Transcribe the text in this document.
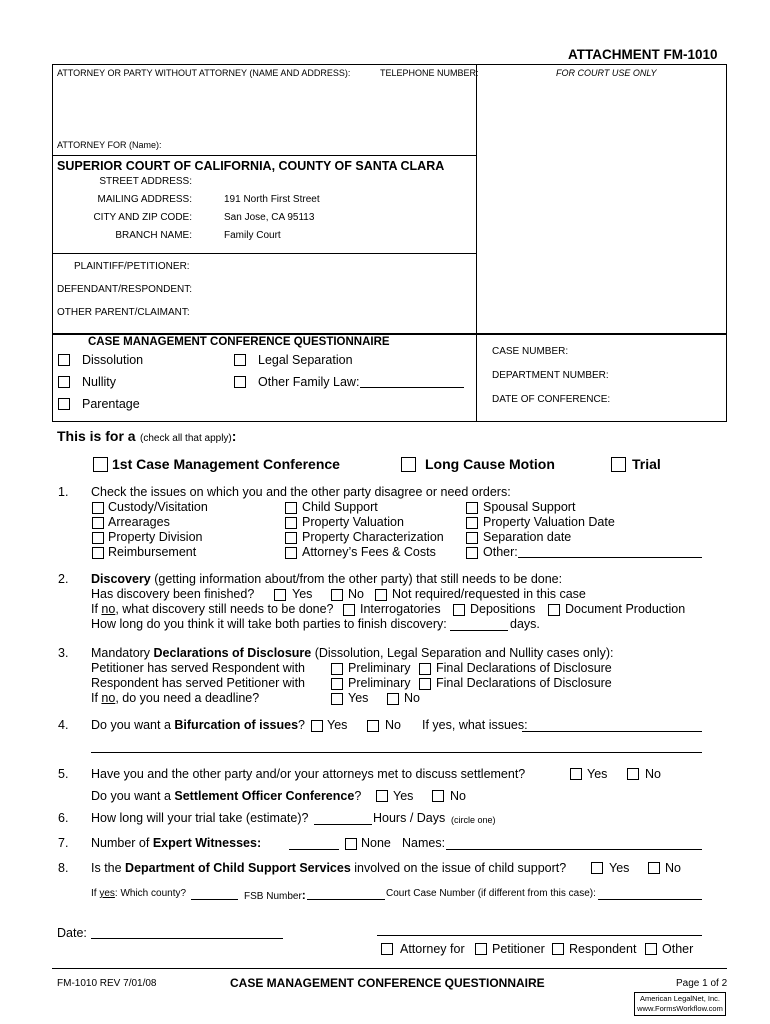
ATTACHMENT FM-1010
ATTORNEY OR PARTY WITHOUT ATTORNEY (NAME AND ADDRESS):	TELEPHONE NUMBER:	FOR COURT USE ONLY
ATTORNEY FOR (Name):
SUPERIOR COURT OF CALIFORNIA, COUNTY OF SANTA CLARA
STREET ADDRESS:
MAILING ADDRESS:	191 North First Street
CITY AND ZIP CODE:	San Jose, CA 95113
BRANCH NAME:	Family Court
PLAINTIFF/PETITIONER:
DEFENDANT/RESPONDENT:
OTHER PARENT/CLAIMANT:
CASE MANAGEMENT CONFERENCE QUESTIONNAIRE
Dissolution	Legal Separation
Nullity	Other Family Law:
Parentage
CASE NUMBER:
DEPARTMENT NUMBER:
DATE OF CONFERENCE:
This is for a (check all that apply):
1st Case Management Conference	Long Cause Motion	Trial
1. Check the issues on which you and the other party disagree or need orders:
Custody/Visitation	Child Support	Spousal Support
Arrearages	Property Valuation	Property Valuation Date
Property Division	Property Characterization	Separation date
Reimbursement	Attorney’s Fees & Costs	Other:
2. Discovery (getting information about/from the other party) that still needs to be done:
Has discovery been finished?	Yes	No Not required/requested in this case
If no, what discovery still needs to be done? Interrogatories Depositions Document Production
How long do you think it will take both parties to finish discovery:	days.
3. Mandatory Declarations of Disclosure (Dissolution, Legal Separation and Nullity cases only):
Petitioner has served Respondent with	Preliminary Final Declarations of Disclosure
Respondent has served Petitioner with	Preliminary Final Declarations of Disclosure
If no, do you need a deadline?	Yes	No
4. Do you want a Bifurcation of issues? Yes	No If yes, what issues:
5. Have you and the other party and/or your attorneys met to discuss settlement?	Yes	No
Do you want a Settlement Officer Conference?	Yes	No
6. How long will your trial take (estimate)?	Hours / Days (circle one)
7. Number of Expert Witnesses:	None Names:
8. Is the Department of Child Support Services involved on the issue of child support?	Yes	No
If yes: Which county?	FSB Number:	Court Case Number (if different from this case):
Date:
Attorney for Petitioner Respondent Other
FM-1010 REV 7/01/08	CASE MANAGEMENT CONFERENCE QUESTIONNAIRE	Page 1 of 2
American LegalNet, Inc.
www.FormsWorkflow.com
